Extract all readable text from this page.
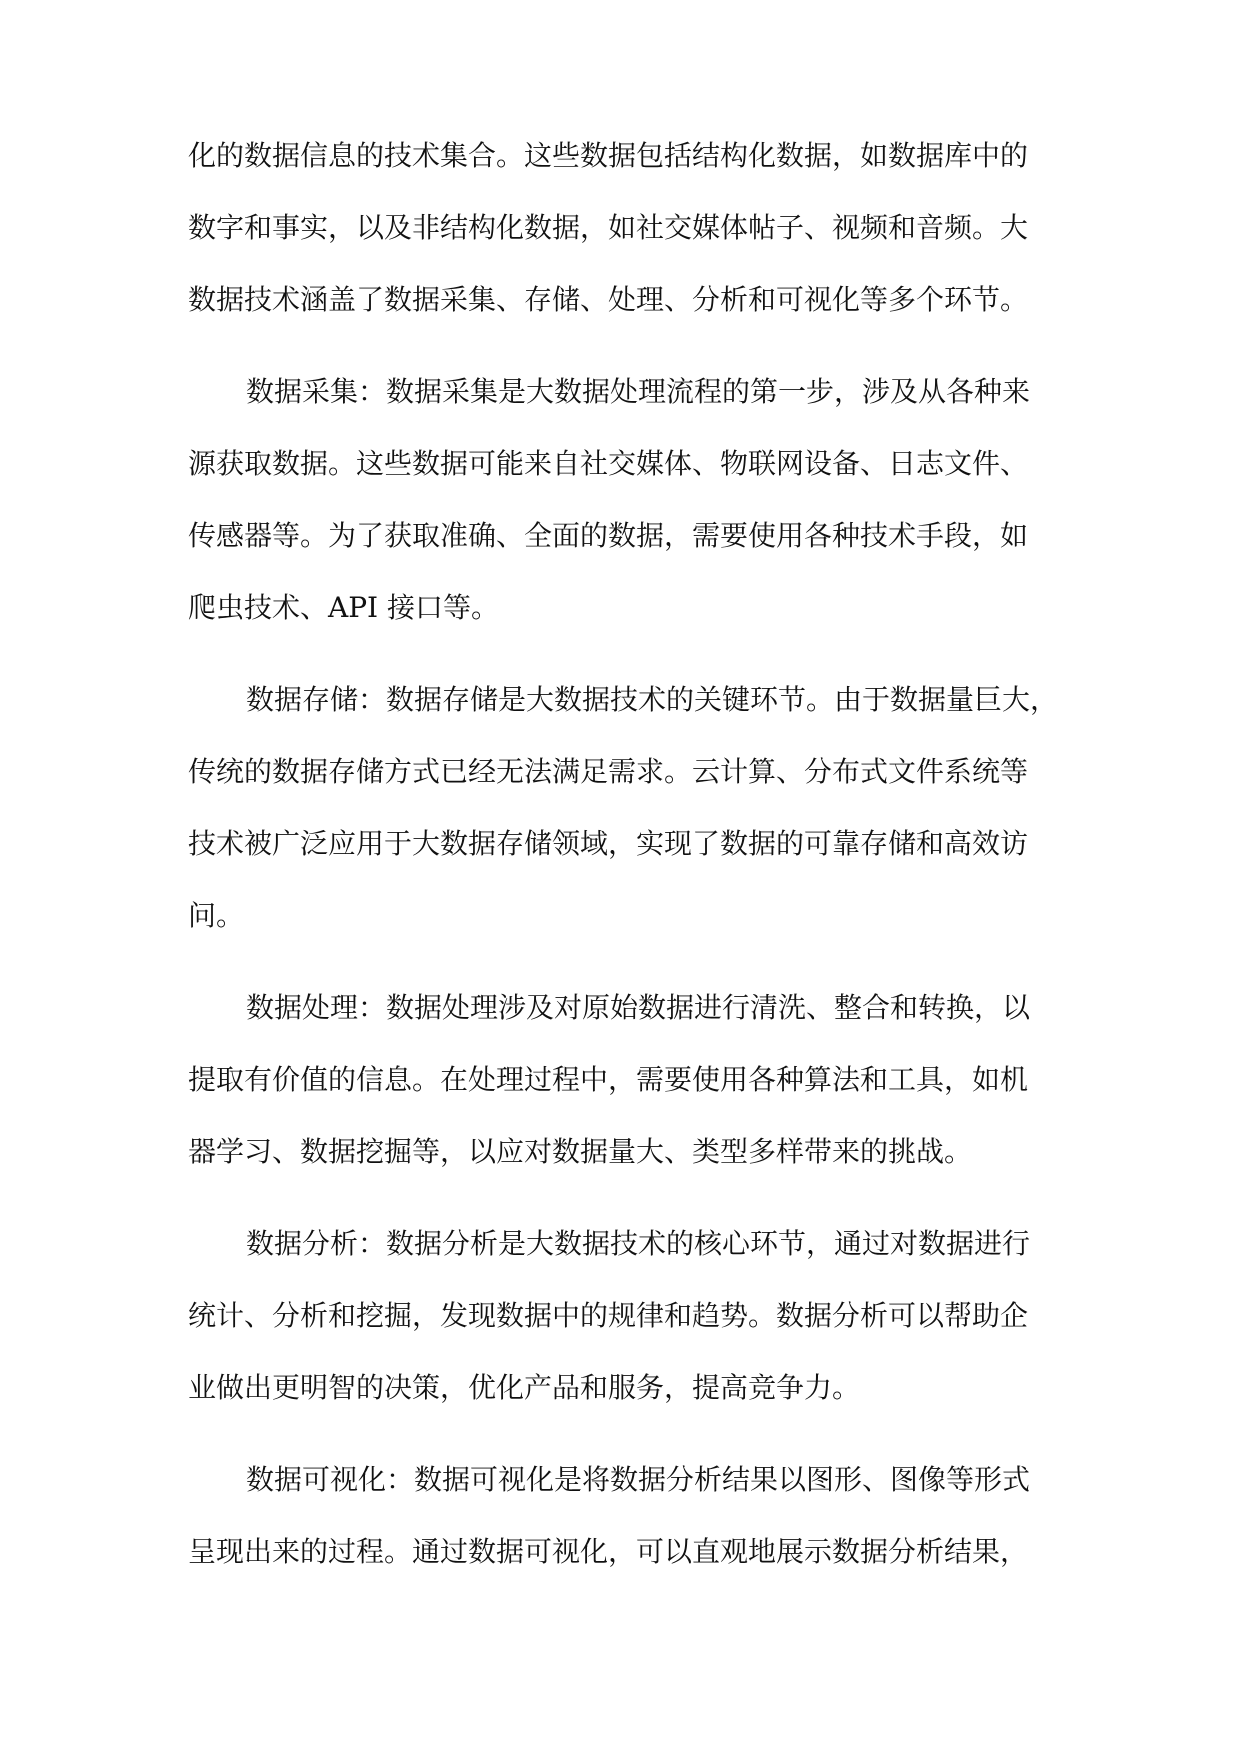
化的数据信息的技术集合。这些数据包括结构化数据，如数据库中的
数字和事实，以及非结构化数据，如社交媒体帖子、视频和音频。大
数据技术涵盖了数据采集、存储、处理、分析和可视化等多个环节。
数据采集：数据采集是大数据处理流程的第一步，涉及从各种来
源获取数据。这些数据可能来自社交媒体、物联网设备、日志文件、
传感器等。为了获取准确、全面的数据，需要使用各种技术手段，如
爬虫技术、API 接口等。
数据存储：数据存储是大数据技术的关键环节。由于数据量巨大，
传统的数据存储方式已经无法满足需求。云计算、分布式文件系统等
技术被广泛应用于大数据存储领域，实现了数据的可靠存储和高效访
问。
数据处理：数据处理涉及对原始数据进行清洗、整合和转换，以
提取有价值的信息。在处理过程中，需要使用各种算法和工具，如机
器学习、数据挖掘等，以应对数据量大、类型多样带来的挑战。
数据分析：数据分析是大数据技术的核心环节，通过对数据进行
统计、分析和挖掘，发现数据中的规律和趋势。数据分析可以帮助企
业做出更明智的决策，优化产品和服务，提高竞争力。
数据可视化：数据可视化是将数据分析结果以图形、图像等形式
呈现出来的过程。通过数据可视化，可以直观地展示数据分析结果，
